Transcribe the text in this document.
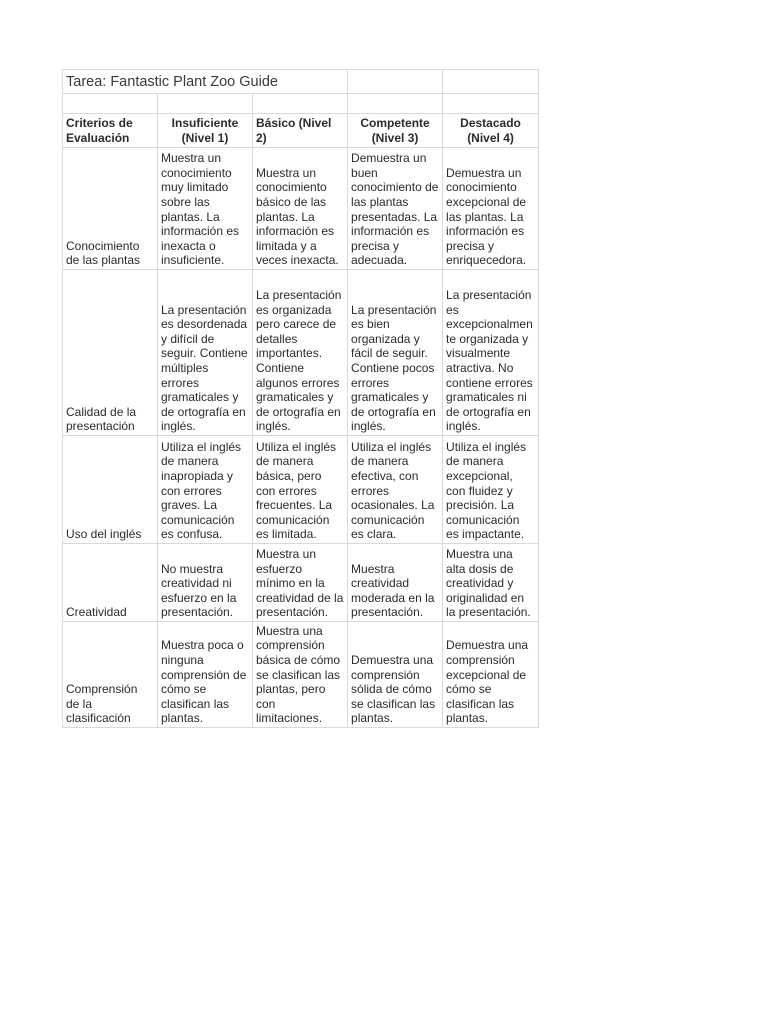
Tarea: Fantastic Plant Zoo Guide				

Criterios de Evaluación	Insuficiente (Nivel 1)	Básico (Nivel 2)	Competente (Nivel 3)	Destacado (Nivel 4)
Conocimiento de las plantas	Muestra un conocimiento muy limitado sobre las plantas. La información es inexacta o insuficiente.	Muestra un conocimiento básico de las plantas. La información es limitada y a veces inexacta.	Demuestra un buen conocimiento de las plantas presentadas. La información es precisa y adecuada.	Demuestra un conocimiento excepcional de las plantas. La información es precisa y enriquecedora.
Calidad de la presentación	La presentación es desordenada y difícil de seguir. Contiene múltiples errores gramaticales y de ortografía en inglés.	La presentación es organizada pero carece de detalles importantes. Contiene algunos errores gramaticales y de ortografía en inglés.	La presentación es bien organizada y fácil de seguir. Contiene pocos errores gramaticales y de ortografía en inglés.	La presentación es excepcionalmente organizada y visualmente atractiva. No contiene errores gramaticales ni de ortografía en inglés.
Uso del inglés	Utiliza el inglés de manera inapropiada y con errores graves. La comunicación es confusa.	Utiliza el inglés de manera básica, pero con errores frecuentes. La comunicación es limitada.	Utiliza el inglés de manera efectiva, con errores ocasionales. La comunicación es clara.	Utiliza el inglés de manera excepcional, con fluidez y precisión. La comunicación es impactante.
Creatividad	No muestra creatividad ni esfuerzo en la presentación.	Muestra un esfuerzo mínimo en la creatividad de la presentación.	Muestra creatividad moderada en la presentación.	Muestra una alta dosis de creatividad y originalidad en la presentación.
Comprensión de la clasificación	Muestra poca o ninguna comprensión de cómo se clasifican las plantas.	Muestra una comprensión básica de cómo se clasifican las plantas, pero con limitaciones.	Demuestra una comprensión sólida de cómo se clasifican las plantas.	Demuestra una comprensión excepcional de cómo se clasifican las plantas.
